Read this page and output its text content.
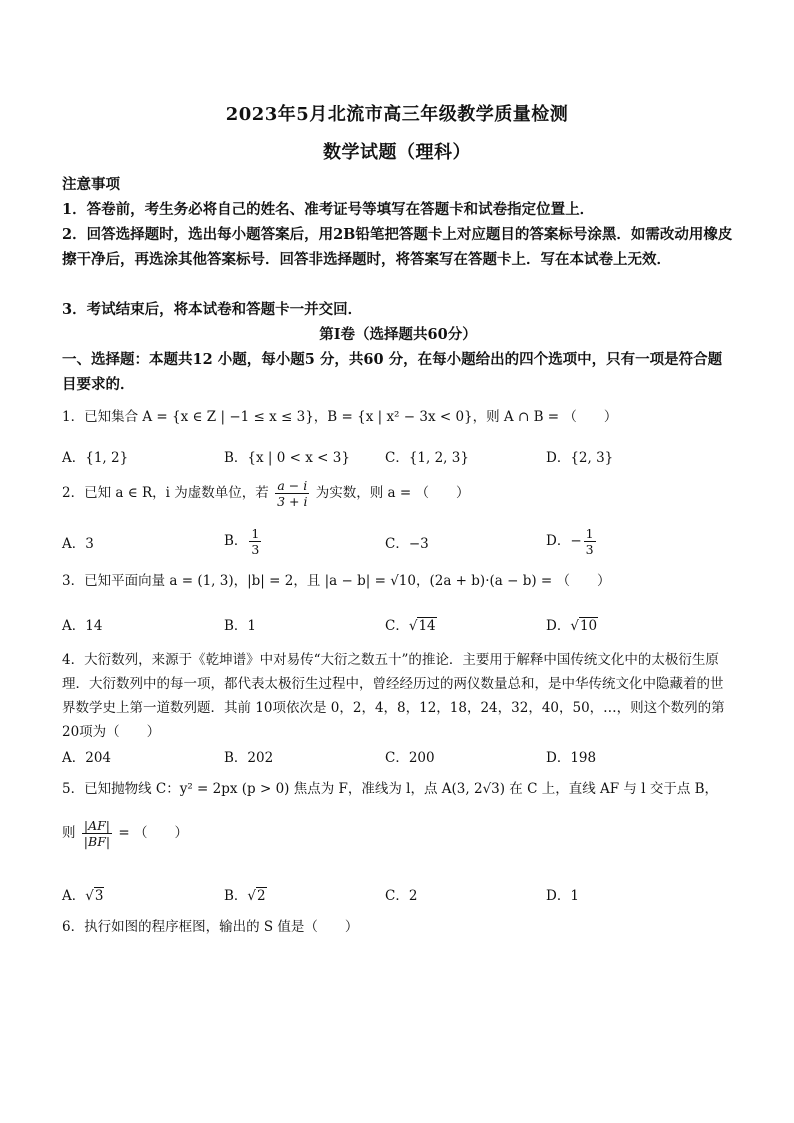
2023年5月北流市高三年级教学质量检测
数学试题（理科）
注意事项
1．答卷前，考生务必将自己的姓名、准考证号等填写在答题卡和试卷指定位置上．
2．回答选择题时，选出每小题答案后，用2B铅笔把答题卡上对应题目的答案标号涂黑．如需改动用橡皮擦干净后，再选涂其他答案标号．回答非选择题时，将答案写在答题卡上．写在本试卷上无效．
3．考试结束后，将本试卷和答题卡一并交回．
第Ⅰ卷（选择题共60分）
一、选择题：本题共12 小题，每小题5 分，共60 分，在每小题给出的四个选项中，只有一项是符合题目要求的．
1．已知集合 A = {x ∈ Z | −1 ≤ x ≤ 3}，B = {x | x² − 3x < 0}，则 A ∩ B = （　　）
A．{1, 2}	B．{x | 0 < x < 3}	C．{1, 2, 3}	D．{2, 3}
2．已知 a ∈ R，i 为虚数单位，若 $\frac{a - i}{3 + i}$ 为实数，则 a = （　　）
A．3	B． $\frac{1}{3}$	C．−3	D．− $\frac{1}{3}$
3．已知平面向量 a = (1, 3)，|b| = 2，且 |a − b| = √10，(2a + b)·(a − b) = （　　）
A．14	B．1	C．√14	D．√10
4．大衍数列，来源于《乾坤谱》中对易传“大衍之数五十”的推论．主要用于解释中国传统文化中的太极衍生原理．大衍数列中的每一项，都代表太极衍生过程中，曾经经历过的两仪数量总和，是中华传统文化中隐藏着的世界数学史上第一道数列题．其前 10项依次是 0，2，4，8，12，18，24，32，40，50，…，则这个数列的第 20项为（　　）
A．204	B．202	C．200	D．198
5．已知抛物线 C：y² = 2px (p > 0) 焦点为 F，准线为 l，点 A(3, 2√3) 在 C 上，直线 AF 与 l 交于点 B，
则 $\frac{|AF|}{|BF|}$ = （　　）
A．√3	B．√2	C．2	D．1
6．执行如图的程序框图，输出的 S 值是（　　）
